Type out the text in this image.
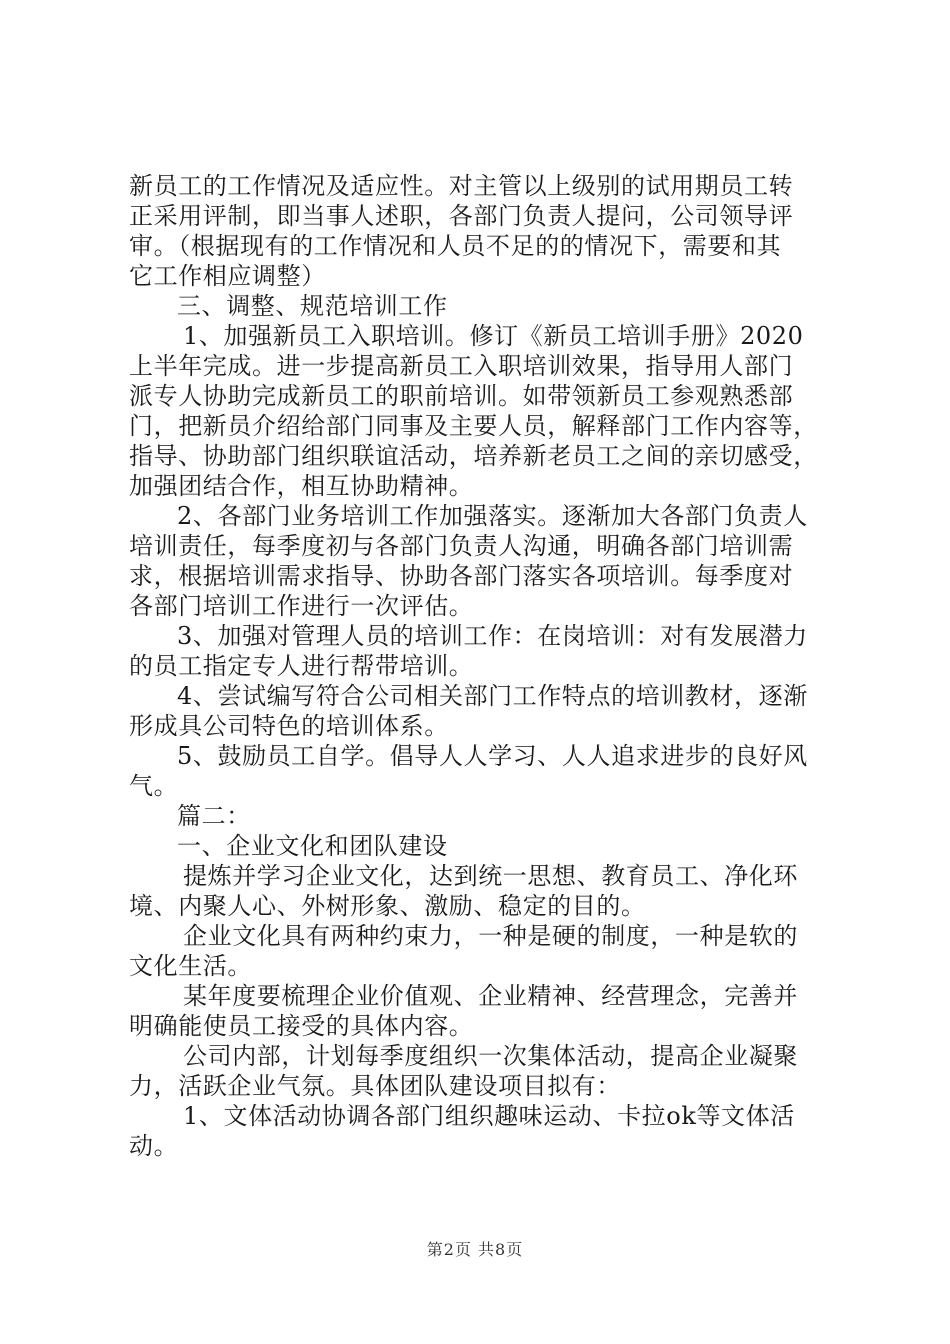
新员工的工作情况及适应性。对主管以上级别的试用期员工转

正采用评制，即当事人述职，各部门负责人提问，公司领导评

审。（根据现有的工作情况和人员不足的的情况下，需要和其

它工作相应调整）

三、调整、规范培训工作

1、加强新员工入职培训。修订《新员工培训手册》2020

上半年完成。进一步提高新员工入职培训效果，指导用人部门

派专人协助完成新员工的职前培训。如带领新员工参观熟悉部

门，把新员介绍给部门同事及主要人员，解释部门工作内容等，

指导、协助部门组织联谊活动，培养新老员工之间的亲切感受，

加强团结合作，相互协助精神。

2、各部门业务培训工作加强落实。逐渐加大各部门负责人

培训责任，每季度初与各部门负责人沟通，明确各部门培训需

求，根据培训需求指导、协助各部门落实各项培训。每季度对

各部门培训工作进行一次评估。

3、加强对管理人员的培训工作：在岗培训：对有发展潜力

的员工指定专人进行帮带培训。

4、尝试编写符合公司相关部门工作特点的培训教材，逐渐

形成具公司特色的培训体系。

5、鼓励员工自学。倡导人人学习、人人追求进步的良好风

气。

篇二：

一、企业文化和团队建设

提炼并学习企业文化，达到统一思想、教育员工、净化环

境、内聚人心、外树形象、激励、稳定的目的。

企业文化具有两种约束力，一种是硬的制度，一种是软的

文化生活。

某年度要梳理企业价值观、企业精神、经营理念，完善并

明确能使员工接受的具体内容。

公司内部，计划每季度组织一次集体活动，提高企业凝聚

力，活跃企业气氛。具体团队建设项目拟有：

1、文体活动协调各部门组织趣味运动、卡拉ok等文体活

动。

第2页 共8页
